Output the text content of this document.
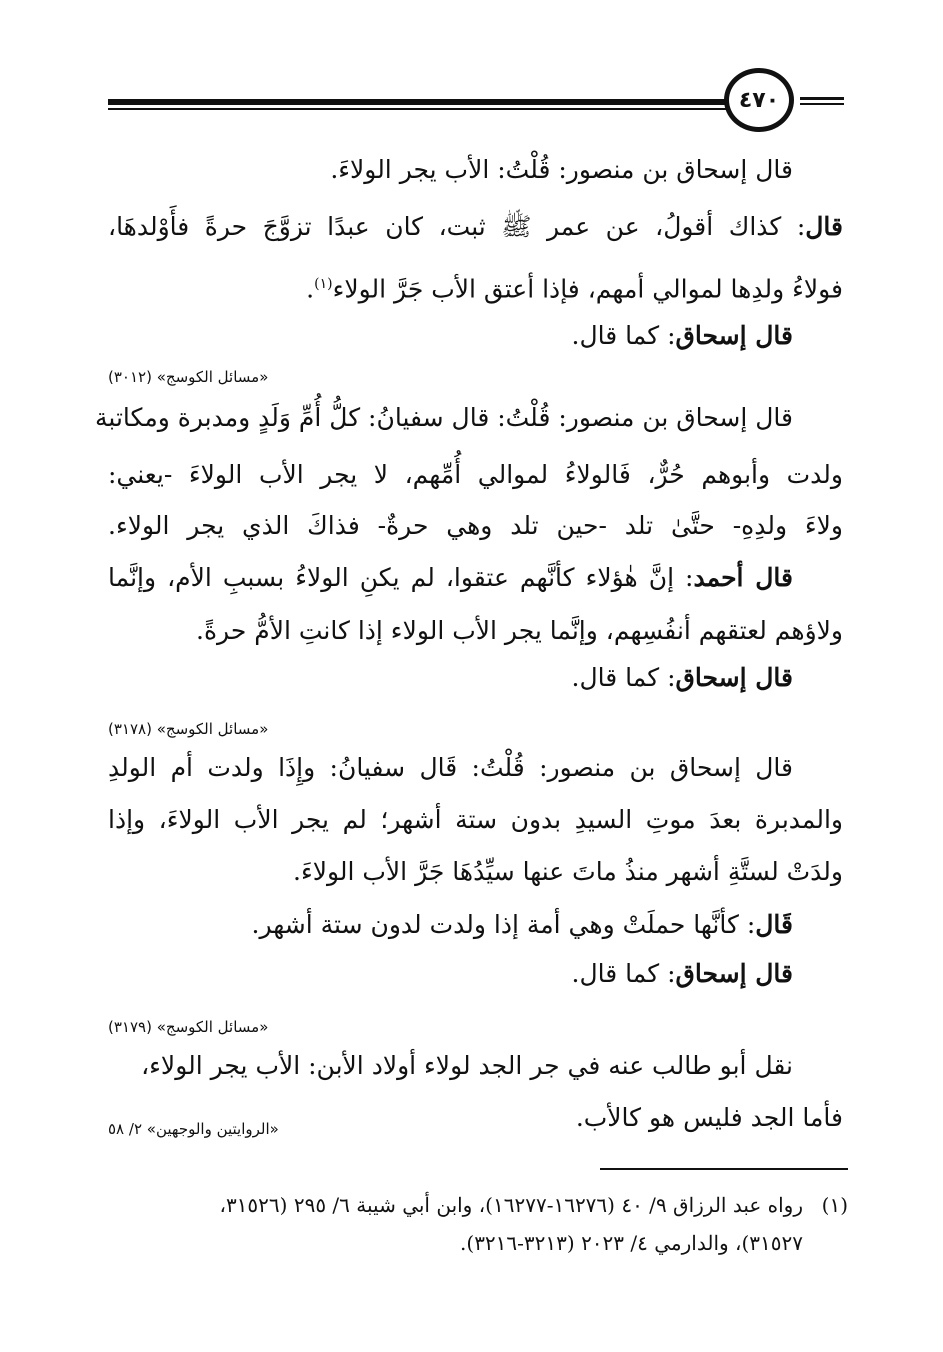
٤٧٠
قال إسحاق بن منصور: قُلْتُ: الأب يجر الولاءَ.
قال: كذاك أقولُ، عن عمر ﷺ ثبت، كان عبدًا تزوَّجَ حرةً فأَوْلدهَا،
فولاءُ ولدِها لموالي أمهم، فإذا أعتق الأب جَرَّ الولاء$^{(١)}$.
قال إسحاق: كما قال.
«مسائل الكوسج» (٣٠١٢)
قال إسحاق بن منصور: قُلْتُ: قال سفيانُ: كلُّ أُمِّ وَلَدٍ ومدبرة ومكاتبة
ولدت وأبوهم حُرٌّ، فَالولاءُ لموالي أُمِّهم، لا يجر الأب الولاءَ -يعني:
ولاءَ ولدِهِ- حتَّىٰ تلد -حين تلد وهي حرةٌ- فذاكَ الذي يجر الولاء.
قال أحمد: إنَّ هٰؤلاء كأنَّهم عتقوا، لم يكنِ الولاءُ بسببِ الأم، وإنَّما
ولاؤهم لعتقهم أنفُسِهم، وإنَّما يجر الأب الولاء إذا كانتِ الأمُّ حرةً.
قال إسحاق: كما قال.
«مسائل الكوسج» (٣١٧٨)
قال إسحاق بن منصور: قُلْتُ: قَال سفيانُ: وإِذَا ولدت أم الولدِ
والمدبرة بعدَ موتِ السيدِ بدون ستة أشهر؛ لم يجر الأب الولاءَ، وإذا
ولدَتْ لستَّةِ أشهر منذُ ماتَ عنها سيِّدُهَا جَرَّ الأب الولاءَ.
قَال: كأنَّها حملَتْ وهي أمة إذا ولدت لدون ستة أشهر.
قال إسحاق: كما قال.
«مسائل الكوسج» (٣١٧٩)
نقل أبو طالب عنه في جر الجد لولاء أولاد الأبن: الأب يجر الولاء،
فأما الجد فليس هو كالأب.
«الروايتين والوجهين» ٢/ ٥٨
(١)
رواه عبد الرزاق ٩/ ٤٠ (١٦٢٧٦-١٦٢٧٧)، وابن أبي شيبة ٦/ ٢٩٥ (٣١٥٢٦،
٣١٥٢٧)، والدارمي ٤/ ٢٠٢٣ (٣٢١٣-٣٢١٦).
